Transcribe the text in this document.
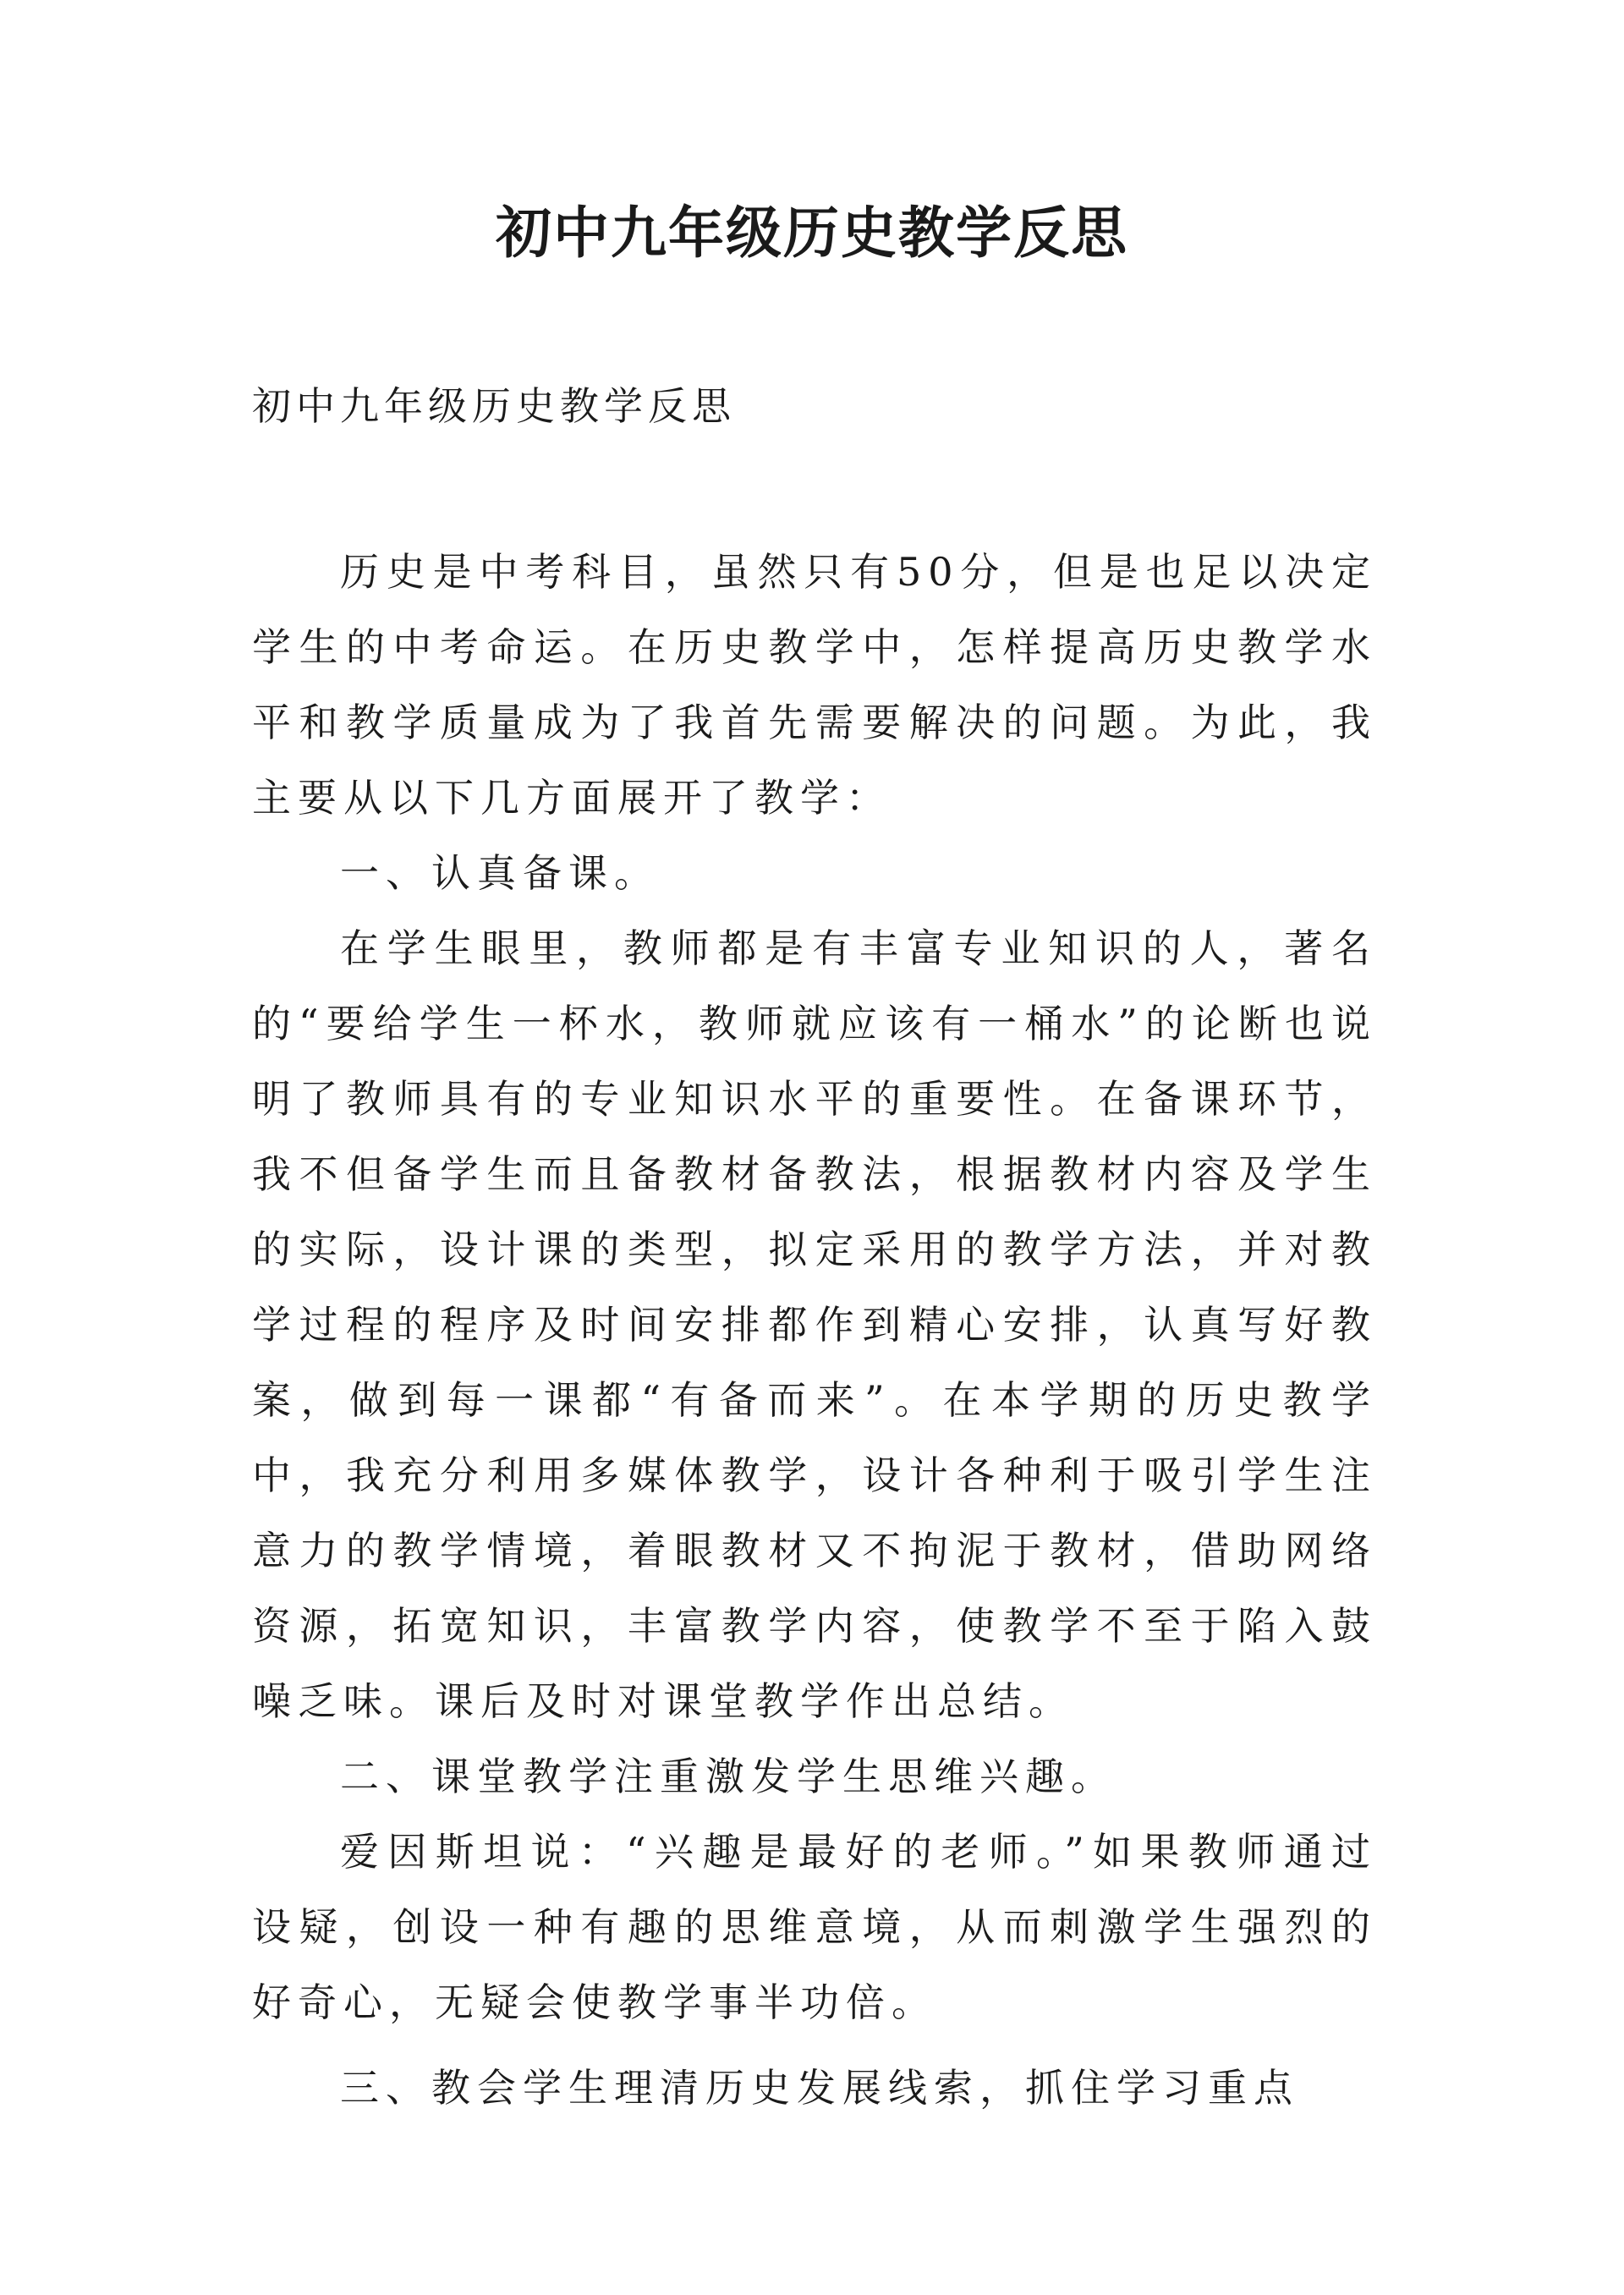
初中九年级历史教学反思

初中九年级历史教学反思

历史是中考科目，虽然只有50分，但是也足以决定学生的中考命运。在历史教学中，怎样提高历史教学水平和教学质量成为了我首先需要解决的问题。为此，我主要从以下几方面展开了教学：

一、认真备课。

在学生眼里，教师都是有丰富专业知识的人，著名的“要给学生一杯水，教师就应该有一桶水”的论断也说明了教师具有的专业知识水平的重要性。在备课环节，我不但备学生而且备教材备教法，根据教材内容及学生的实际，设计课的类型，拟定采用的教学方法，并对教学过程的程序及时间安排都作到精心安排，认真写好教案，做到每一课都“有备而来”。在本学期的历史教学中，我充分利用多媒体教学，设计各种利于吸引学生注意力的教学情境，着眼教材又不拘泥于教材，借助网络资源，拓宽知识，丰富教学内容，使教学不至于陷入鼓噪乏味。课后及时对课堂教学作出总结。

二、课堂教学注重激发学生思维兴趣。

爱因斯坦说：“兴趣是最好的老师。”如果教师通过设疑，创设一种有趣的思维意境，从而刺激学生强烈的好奇心，无疑会使教学事半功倍。

三、教会学生理清历史发展线索，抓住学习重点
